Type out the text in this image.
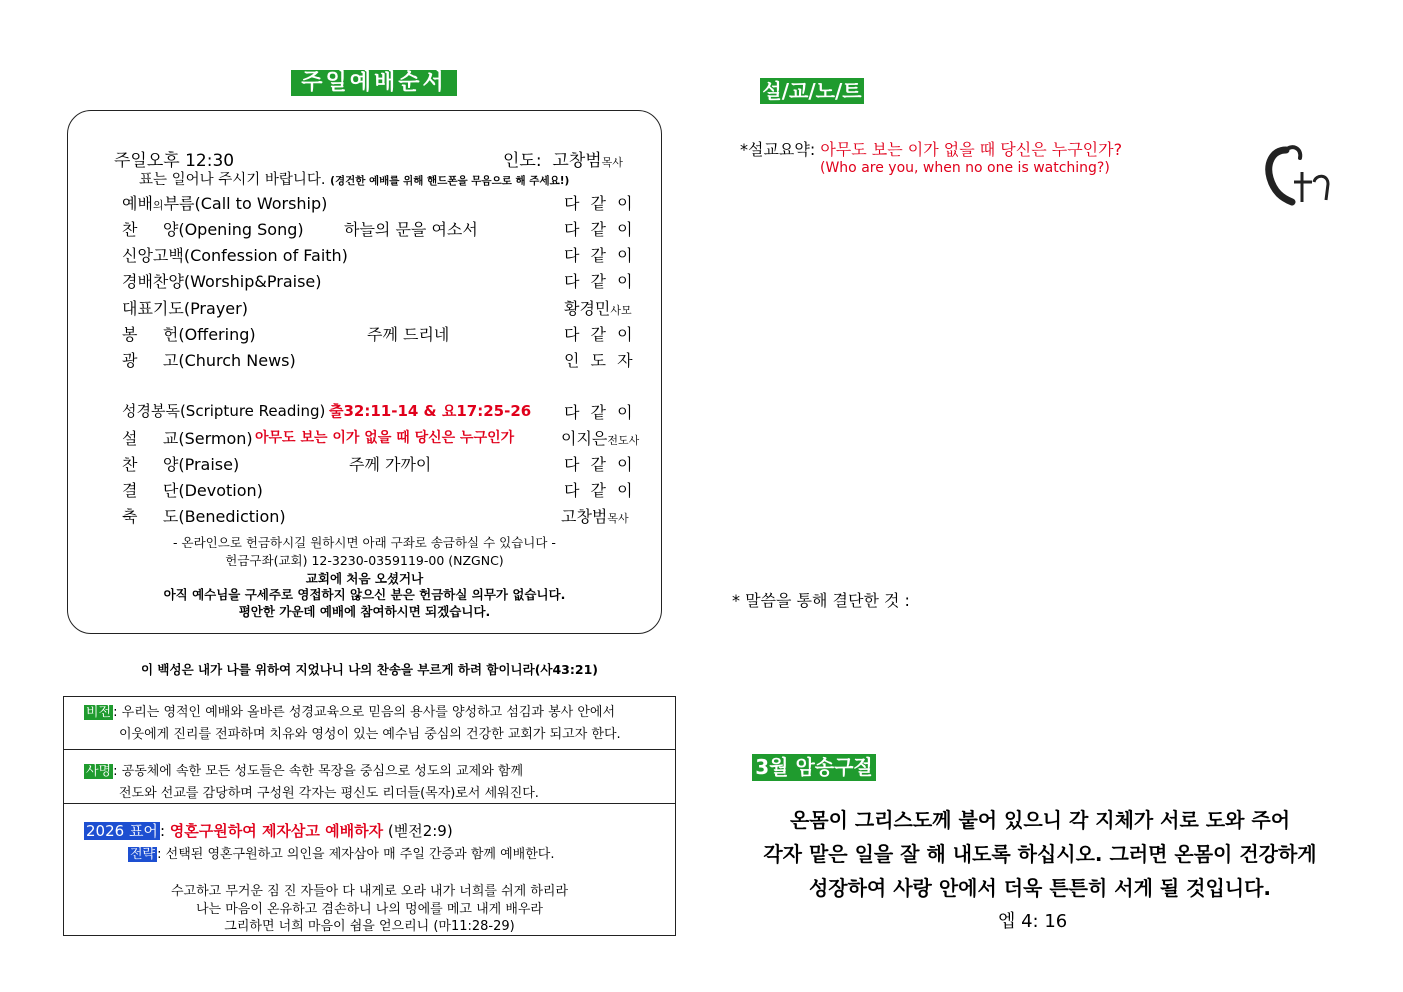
주일예배순서
주일오후 12:30	인도: 고창범목사
표는 일어나 주시기 바랍니다. (경건한 예배를 위해 핸드폰을 무음으로 해 주세요!)
예배의부름(Call to Worship)	다 같 이
찬     양(Opening Song)	하늘의 문을 여소서	다 같 이
신앙고백(Confession of Faith)	다 같 이
경배찬양(Worship&Praise)	다 같 이
대표기도(Prayer)	황경민사모
봉     헌(Offering)	주께 드리네	다 같 이
광     고(Church News)	인 도 자
성경봉독(Scripture Reading) 출32:11-14 & 요17:25-26 다 같 이
설     교(Sermon) 아무도 보는 이가 없을 때 당신은 누구인가	이지은전도사
찬     양(Praise)	주께 가까이	다 같 이
결     단(Devotion)	다 같 이
축     도(Benediction)	고창범목사
- 온라인으로 헌금하시길 원하시면 아래 구좌로 송금하실 수 있습니다 -
헌금구좌(교회) 12-3230-0359119-00 (NZGNC)
교회에 처음 오셨거나
아직 예수님을 구세주로 영접하지 않으신 분은 헌금하실 의무가 없습니다.
평안한 가운데 예배에 참여하시면 되겠습니다.
이 백성은 내가 나를 위하여 지었나니 나의 찬송을 부르게 하려 함이니라(사43:21)
비전 : 우리는 영적인 예배와 올바른 성경교육으로 믿음의 용사를 양성하고 섬김과 봉사 안에서
이웃에게 진리를 전파하며 치유와 영성이 있는 예수님 중심의 건강한 교회가 되고자 한다.
사명 : 공동체에 속한 모든 성도들은 속한 목장을 중심으로 성도의 교제와 함께
전도와 선교를 감당하며 구성원 각자는 평신도 리더들(목자)로서 세워진다.
2026 표어 : 영혼구원하여 제자삼고 예배하자 (벧전2:9)
전략 : 선택된 영혼구원하고 의인을 제자삼아 매 주일 간증과 함께 예배한다.
수고하고 무거운 짐 진 자들아 다 내게로 오라 내가 너희를 쉬게 하리라
나는 마음이 온유하고 겸손하니 나의 멍에를 메고 내게 배우라
그리하면 너희 마음이 쉼을 얻으리니 (마11:28-29)
설/교/노/트
*설교요약: 아무도 보는 이가 없을 때 당신은 누구인가?
(Who are you, when no one is watching?)
* 말씀을 통해 결단한 것 :
3월 암송구절
온몸이 그리스도께 붙어 있으니 각 지체가 서로 도와 주어
각자 맡은 일을 잘 해 내도록 하십시오. 그러면 온몸이 건강하게
성장하여 사랑 안에서 더욱 튼튼히 서게 될 것입니다.
엡 4: 16
